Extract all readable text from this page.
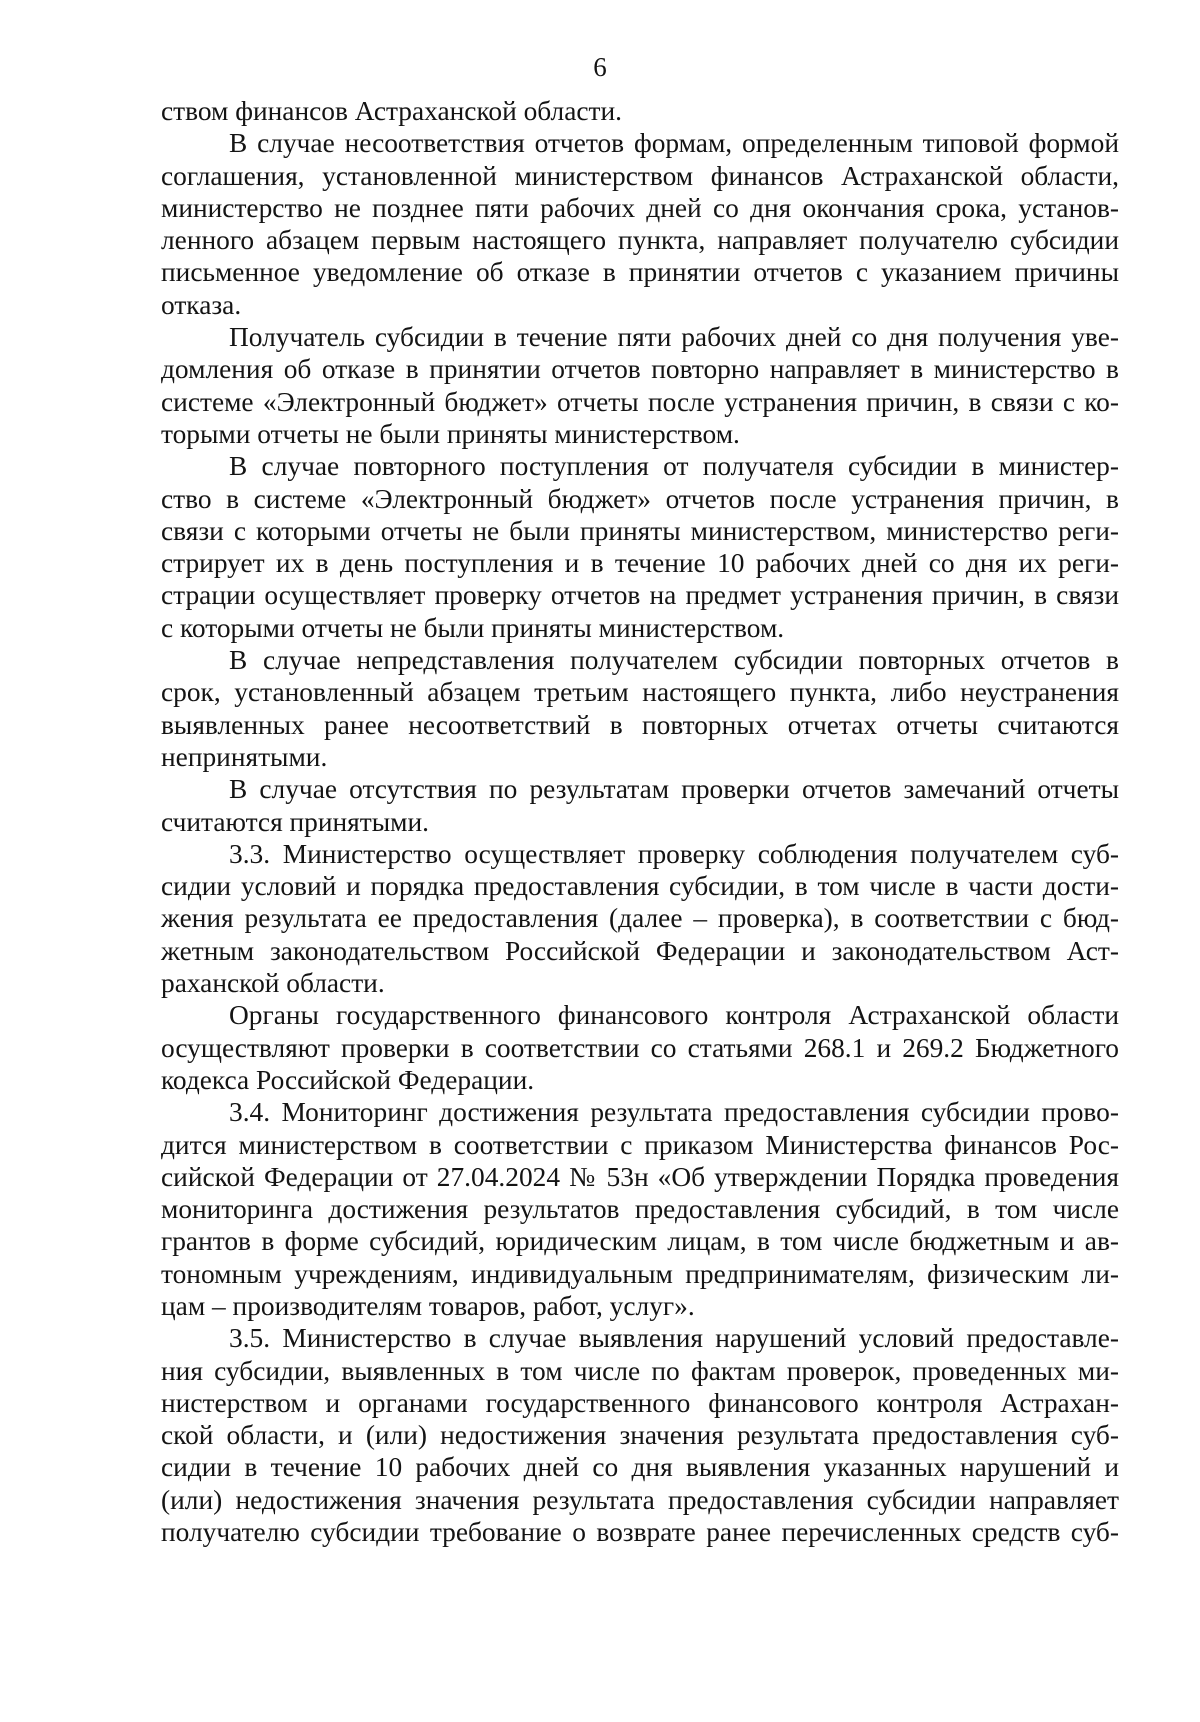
6
ством финансов Астраханской области.
В случае несоответствия отчетов формам, определенным типовой формой
соглашения, установленной министерством финансов Астраханской области,
министерство не позднее пяти рабочих дней со дня окончания срока, установ-
ленного абзацем первым настоящего пункта, направляет получателю субсидии
письменное уведомление об отказе в принятии отчетов с указанием причины
отказа.
Получатель субсидии в течение пяти рабочих дней со дня получения уве-
домления об отказе в принятии отчетов повторно направляет в министерство в
системе «Электронный бюджет» отчеты после устранения причин, в связи с ко-
торыми отчеты не были приняты министерством.
В случае повторного поступления от получателя субсидии в министер-
ство в системе «Электронный бюджет» отчетов после устранения причин, в
связи с которыми отчеты не были приняты министерством, министерство реги-
стрирует их в день поступления и в течение 10 рабочих дней со дня их реги-
страции осуществляет проверку отчетов на предмет устранения причин, в связи
с которыми отчеты не были приняты министерством.
В случае непредставления получателем субсидии повторных отчетов в
срок, установленный абзацем третьим настоящего пункта, либо неустранения
выявленных ранее несоответствий в повторных отчетах отчеты считаются
непринятыми.
В случае отсутствия по результатам проверки отчетов замечаний отчеты
считаются принятыми.
3.3. Министерство осуществляет проверку соблюдения получателем суб-
сидии условий и порядка предоставления субсидии, в том числе в части дости-
жения результата ее предоставления (далее – проверка), в соответствии с бюд-
жетным законодательством Российской Федерации и законодательством Аст-
раханской области.
Органы государственного финансового контроля Астраханской области
осуществляют проверки в соответствии со статьями 268.1 и 269.2 Бюджетного
кодекса Российской Федерации.
3.4. Мониторинг достижения результата предоставления субсидии прово-
дится министерством в соответствии с приказом Министерства финансов Рос-
сийской Федерации от 27.04.2024 № 53н «Об утверждении Порядка проведения
мониторинга достижения результатов предоставления субсидий, в том числе
грантов в форме субсидий, юридическим лицам, в том числе бюджетным и ав-
тономным учреждениям, индивидуальным предпринимателям, физическим ли-
цам – производителям товаров, работ, услуг».
3.5. Министерство в случае выявления нарушений условий предоставле-
ния субсидии, выявленных в том числе по фактам проверок, проведенных ми-
нистерством и органами государственного финансового контроля Астрахан-
ской области, и (или) недостижения значения результата предоставления суб-
сидии в течение 10 рабочих дней со дня выявления указанных нарушений и
(или) недостижения значения результата предоставления субсидии направляет
получателю субсидии требование о возврате ранее перечисленных средств суб-
